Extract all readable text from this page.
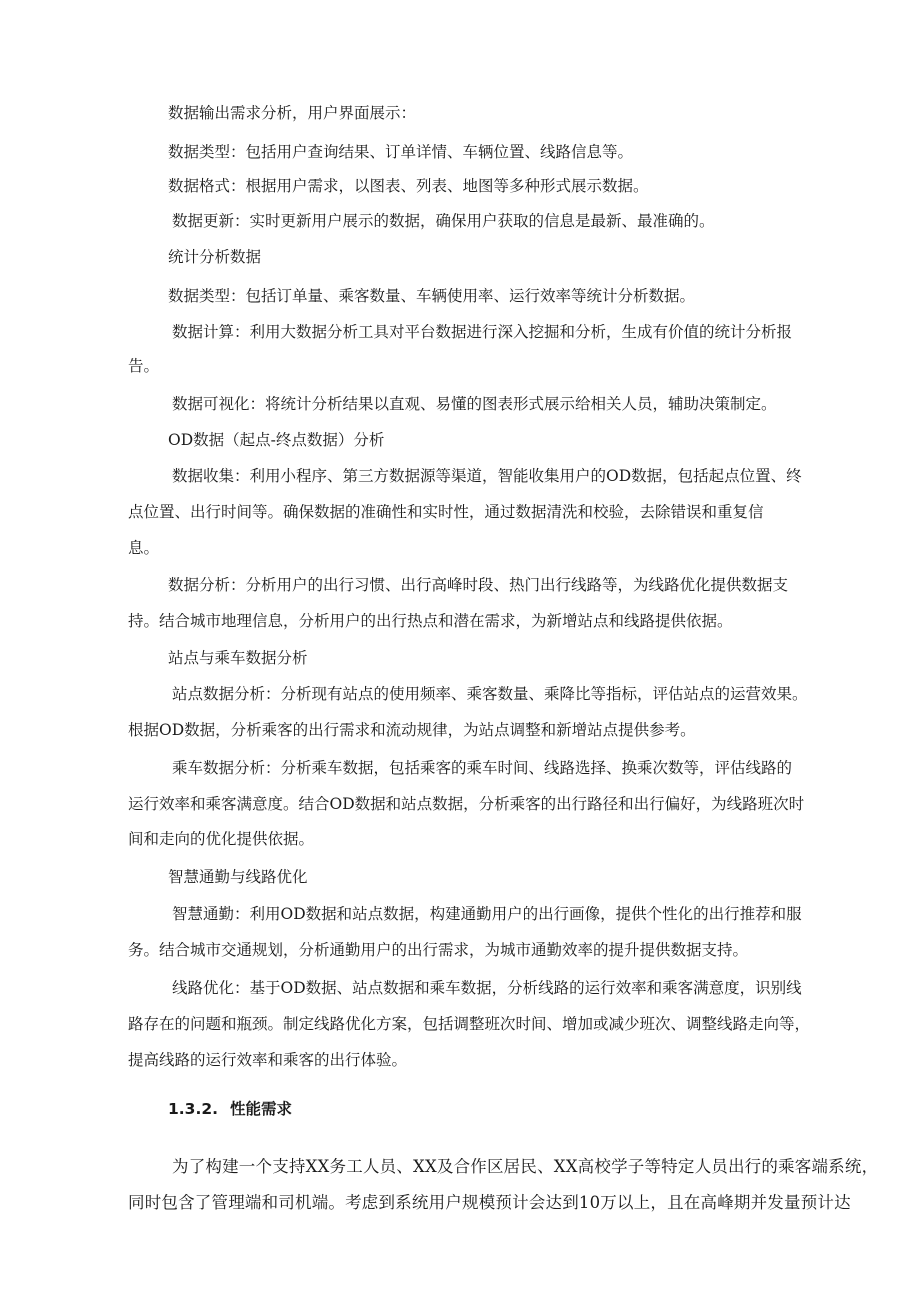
数据输出需求分析，用户界面展示：
数据类型：包括用户查询结果、订单详情、车辆位置、线路信息等。
数据格式：根据用户需求，以图表、列表、地图等多种形式展示数据。
数据更新：实时更新用户展示的数据，确保用户获取的信息是最新、最准确的。
统计分析数据
数据类型：包括订单量、乘客数量、车辆使用率、运行效率等统计分析数据。
数据计算：利用大数据分析工具对平台数据进行深入挖掘和分析，生成有价值的统计分析报
告。
数据可视化：将统计分析结果以直观、易懂的图表形式展示给相关人员，辅助决策制定。
OD数据（起点-终点数据）分析
数据收集：利用小程序、第三方数据源等渠道，智能收集用户的OD数据，包括起点位置、终
点位置、出行时间等。确保数据的准确性和实时性，通过数据清洗和校验，去除错误和重复信
息。
数据分析：分析用户的出行习惯、出行高峰时段、热门出行线路等，为线路优化提供数据支
持。结合城市地理信息，分析用户的出行热点和潜在需求，为新增站点和线路提供依据。
站点与乘车数据分析
站点数据分析：分析现有站点的使用频率、乘客数量、乘降比等指标，评估站点的运营效果。
根据OD数据，分析乘客的出行需求和流动规律，为站点调整和新增站点提供参考。
乘车数据分析：分析乘车数据，包括乘客的乘车时间、线路选择、换乘次数等，评估线路的
运行效率和乘客满意度。结合OD数据和站点数据，分析乘客的出行路径和出行偏好，为线路班次时
间和走向的优化提供依据。
智慧通勤与线路优化
智慧通勤：利用OD数据和站点数据，构建通勤用户的出行画像，提供个性化的出行推荐和服
务。结合城市交通规划，分析通勤用户的出行需求，为城市通勤效率的提升提供数据支持。
线路优化：基于OD数据、站点数据和乘车数据，分析线路的运行效率和乘客满意度，识别线
路存在的问题和瓶颈。制定线路优化方案，包括调整班次时间、增加或减少班次、调整线路走向等，
提高线路的运行效率和乘客的出行体验。
为了构建一个支持XX务工人员、XX及合作区居民、XX高校学子等特定人员出行的乘客端系统，
同时包含了管理端和司机端。考虑到系统用户规模预计会达到10万以上，且在高峰期并发量预计达
1.3.2. 性能需求
